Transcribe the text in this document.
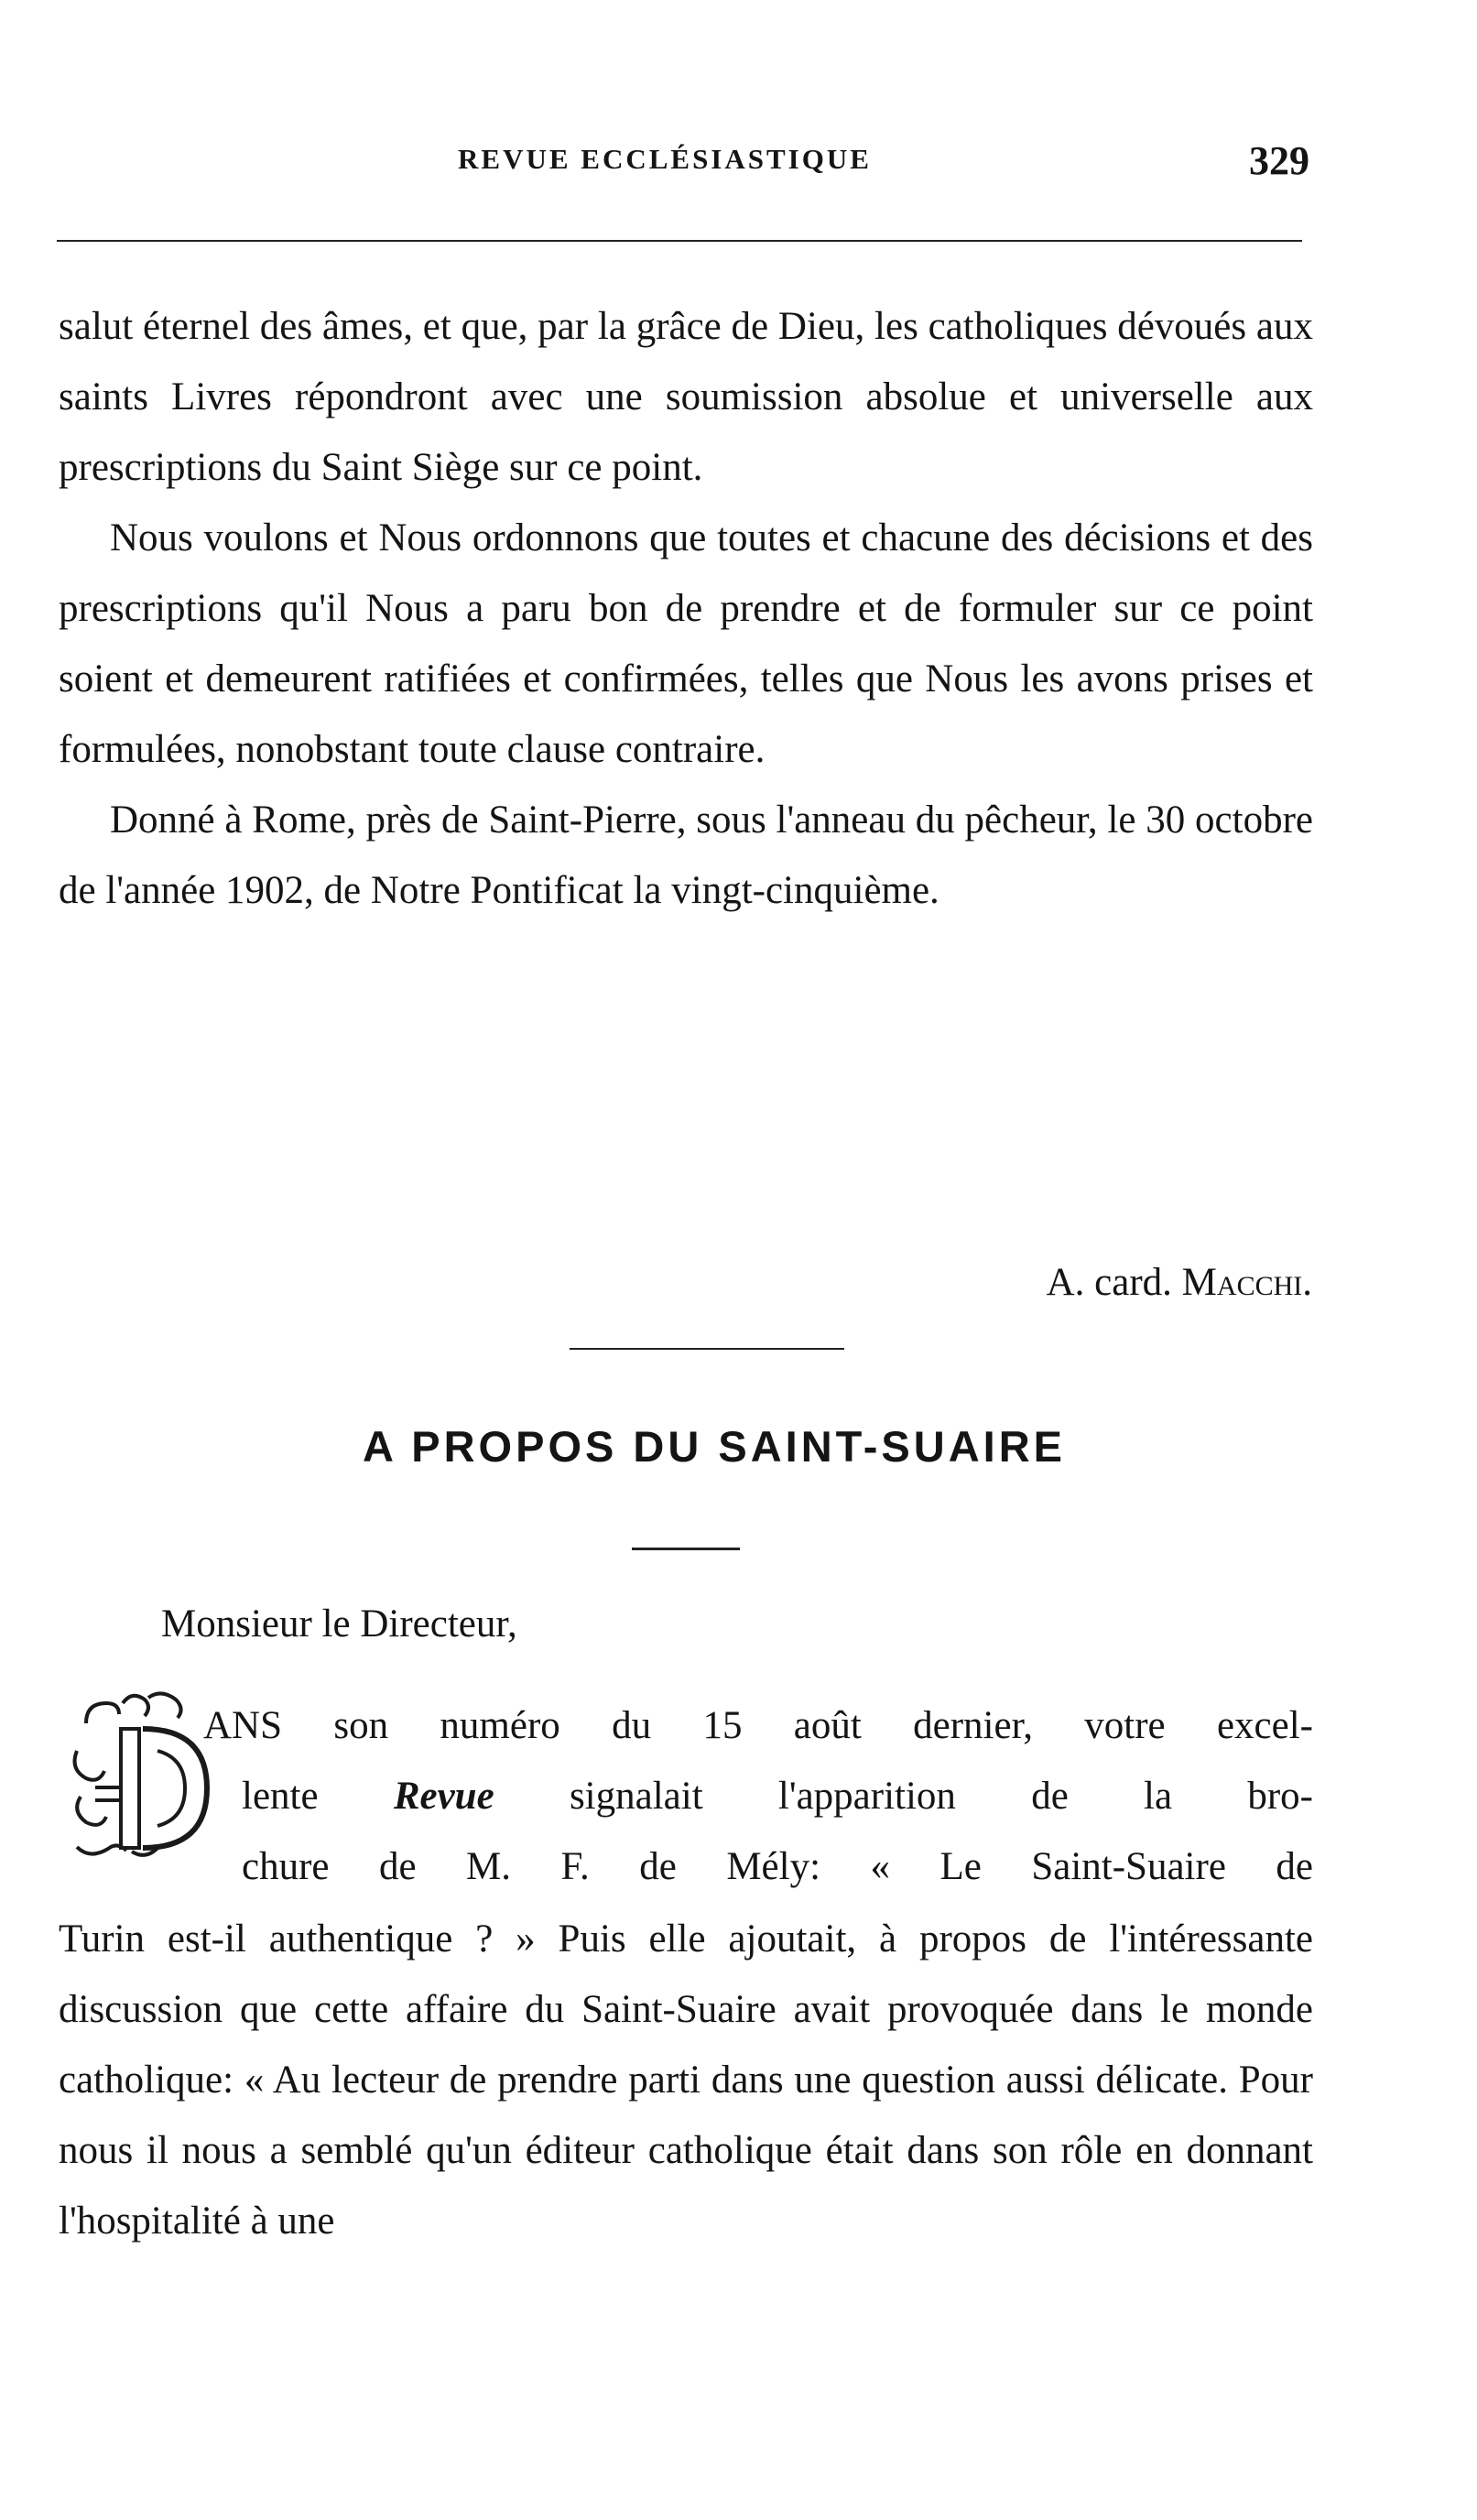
REVUE ECCLÉSIASTIQUE	329

salut éternel des âmes, et que, par la grâce de Dieu, les catholiques dévoués aux saints Livres répondront avec une soumission absolue et universelle aux prescriptions du Saint Siège sur ce point.

Nous voulons et Nous ordonnons que toutes et chacune des décisions et des prescriptions qu'il Nous a paru bon de prendre et de formuler sur ce point soient et demeurent ratifiées et confirmées, telles que Nous les avons prises et formulées, nonobstant toute clause contraire.

Donné à Rome, près de Saint-Pierre, sous l'anneau du pêcheur, le 30 octobre de l'année 1902, de Notre Pontificat la vingt-cinquième.

A. card. Macchi.
A PROPOS DU SAINT-SUAIRE
Monsieur le Directeur,
D
ANS son numéro du 15 août dernier, votre excel-
lente Revue signalait l'apparition de la bro-
chure de M. F. de Mély: « Le Saint-Suaire de

Turin est-il authentique ? » Puis elle ajoutait, à propos de l'intéressante discussion que cette affaire du Saint-Suaire avait provoquée dans le monde catholique: « Au lecteur de prendre parti dans une question aussi délicate. Pour nous il nous a semblé qu'un éditeur catholique était dans son rôle en donnant l'hospitalité à une
